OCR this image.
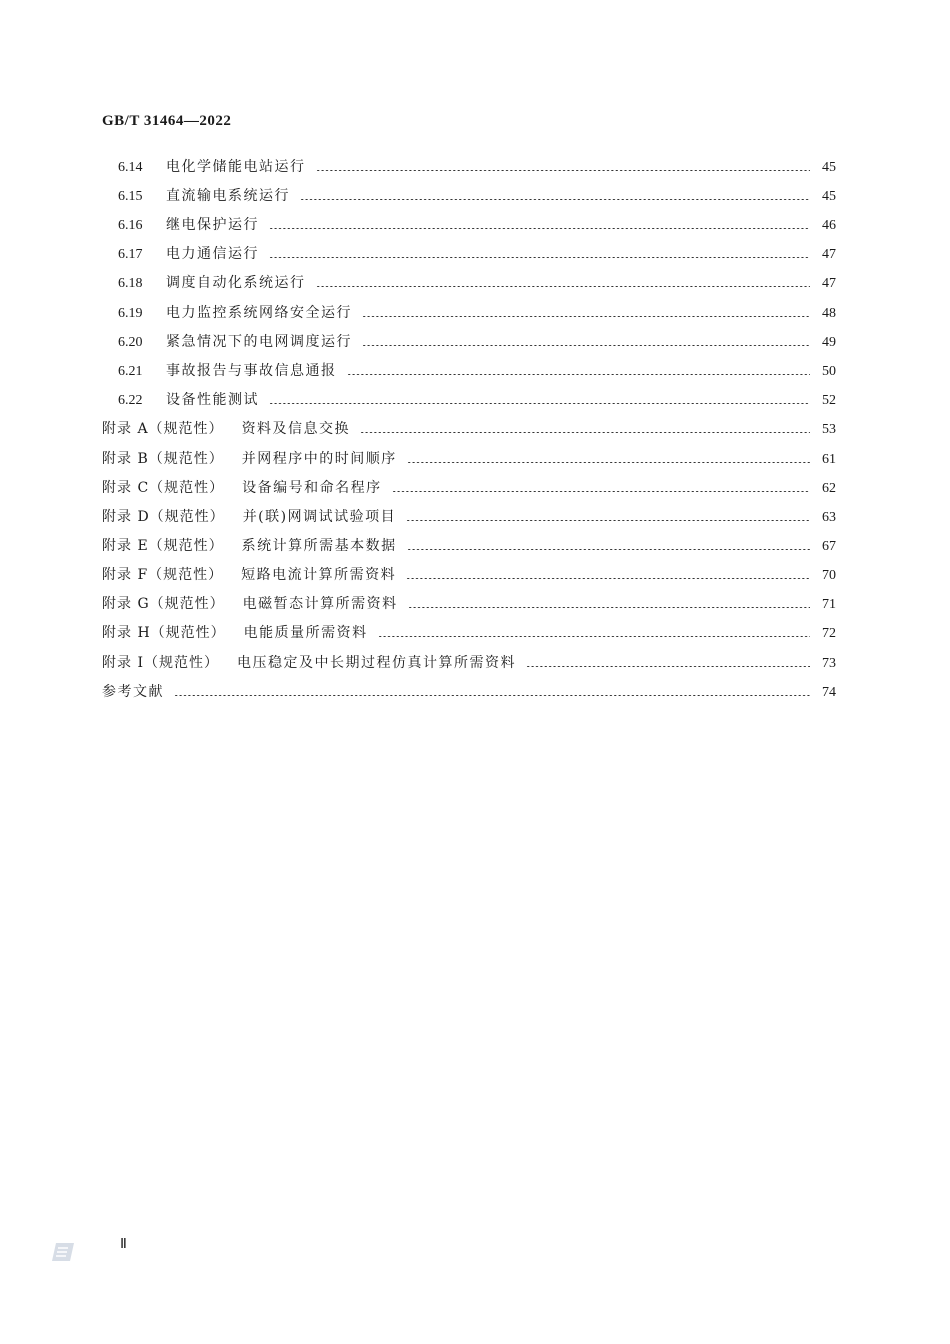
GB/T 31464—2022
6.14	电化学储能电站运行	45
6.15	直流输电系统运行	45
6.16	继电保护运行	46
6.17	电力通信运行	47
6.18	调度自动化系统运行	47
6.19	电力监控系统网络安全运行	48
6.20	紧急情况下的电网调度运行	49
6.21	事故报告与事故信息通报	50
6.22	设备性能测试	52
附录 A（规范性） 资料及信息交换	53
附录 B（规范性） 并网程序中的时间顺序	61
附录 C（规范性） 设备编号和命名程序	62
附录 D（规范性） 并(联)网调试试验项目	63
附录 E（规范性） 系统计算所需基本数据	67
附录 F（规范性） 短路电流计算所需资料	70
附录 G（规范性） 电磁暂态计算所需资料	71
附录 H（规范性） 电能质量所需资料	72
附录 I（规范性） 电压稳定及中长期过程仿真计算所需资料	73
参考文献	74
Ⅱ
